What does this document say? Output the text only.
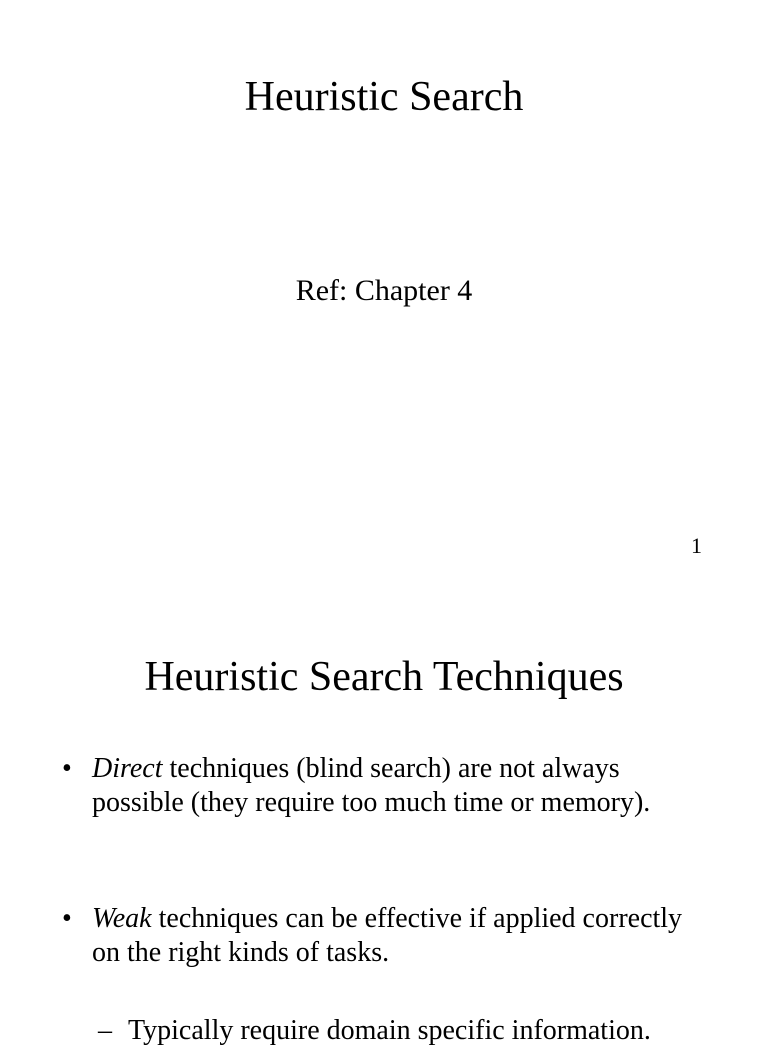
Heuristic Search
Ref: Chapter 4
1
Heuristic Search Techniques
• Direct techniques (blind search) are not always possible (they require too much time or memory).
• Weak techniques can be effective if applied correctly on the right kinds of tasks.
– Typically require domain specific information.
